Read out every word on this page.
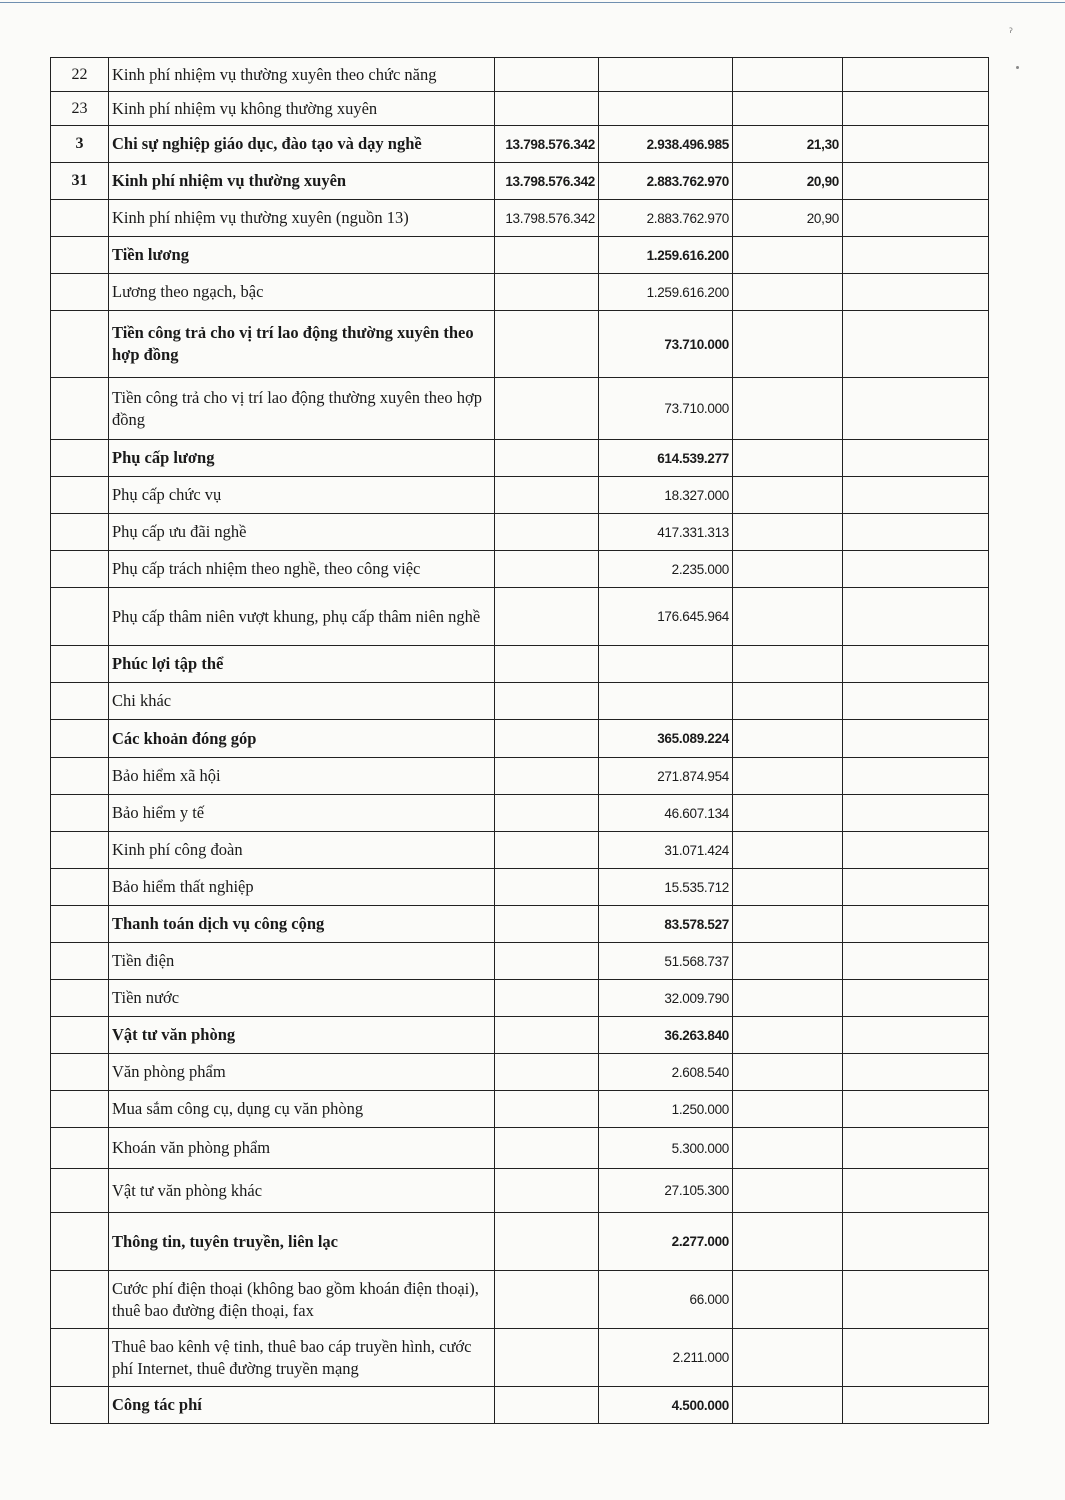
ˀ
22	Kinh phí nhiệm vụ thường xuyên theo chức năng				
23	Kinh phí nhiệm vụ không thường xuyên				
3	Chi sự nghiệp giáo dục, đào tạo và dạy nghề	13.798.576.342	2.938.496.985	21,30	
31	Kinh phí nhiệm vụ thường xuyên	13.798.576.342	2.883.762.970	20,90	
	Kinh phí nhiệm vụ thường xuyên (nguồn 13)	13.798.576.342	2.883.762.970	20,90	
	Tiền lương		1.259.616.200		
	Lương theo ngạch, bậc		1.259.616.200		
	Tiền công trả cho vị trí lao động thường xuyên theo hợp đồng		73.710.000		
	Tiền công trả cho vị trí lao động thường xuyên theo hợp đồng		73.710.000		
	Phụ cấp lương		614.539.277		
	Phụ cấp chức vụ		18.327.000		
	Phụ cấp ưu đãi nghề		417.331.313		
	Phụ cấp trách nhiệm theo nghề, theo công việc		2.235.000		
	Phụ cấp thâm niên vượt khung, phụ cấp thâm niên nghề		176.645.964		
	Phúc lợi tập thể				
	Chi khác				
	Các khoản đóng góp		365.089.224		
	Bảo hiểm xã hội		271.874.954		
	Bảo hiểm y tế		46.607.134		
	Kinh phí công đoàn		31.071.424		
	Bảo hiểm thất nghiệp		15.535.712		
	Thanh toán dịch vụ công cộng		83.578.527		
	Tiền điện		51.568.737		
	Tiền nước		32.009.790		
	Vật tư văn phòng		36.263.840		
	Văn phòng phẩm		2.608.540		
	Mua sắm công cụ, dụng cụ văn phòng		1.250.000		
	Khoán văn phòng phẩm		5.300.000		
	Vật tư văn phòng khác		27.105.300		
	Thông tin, tuyên truyền, liên lạc		2.277.000		
	Cước phí điện thoại (không bao gồm khoán điện thoại), thuê bao đường điện thoại, fax		66.000		
	Thuê bao kênh vệ tinh, thuê bao cáp truyền hình, cước phí Internet, thuê đường truyền mạng		2.211.000		
	Công tác phí		4.500.000		
